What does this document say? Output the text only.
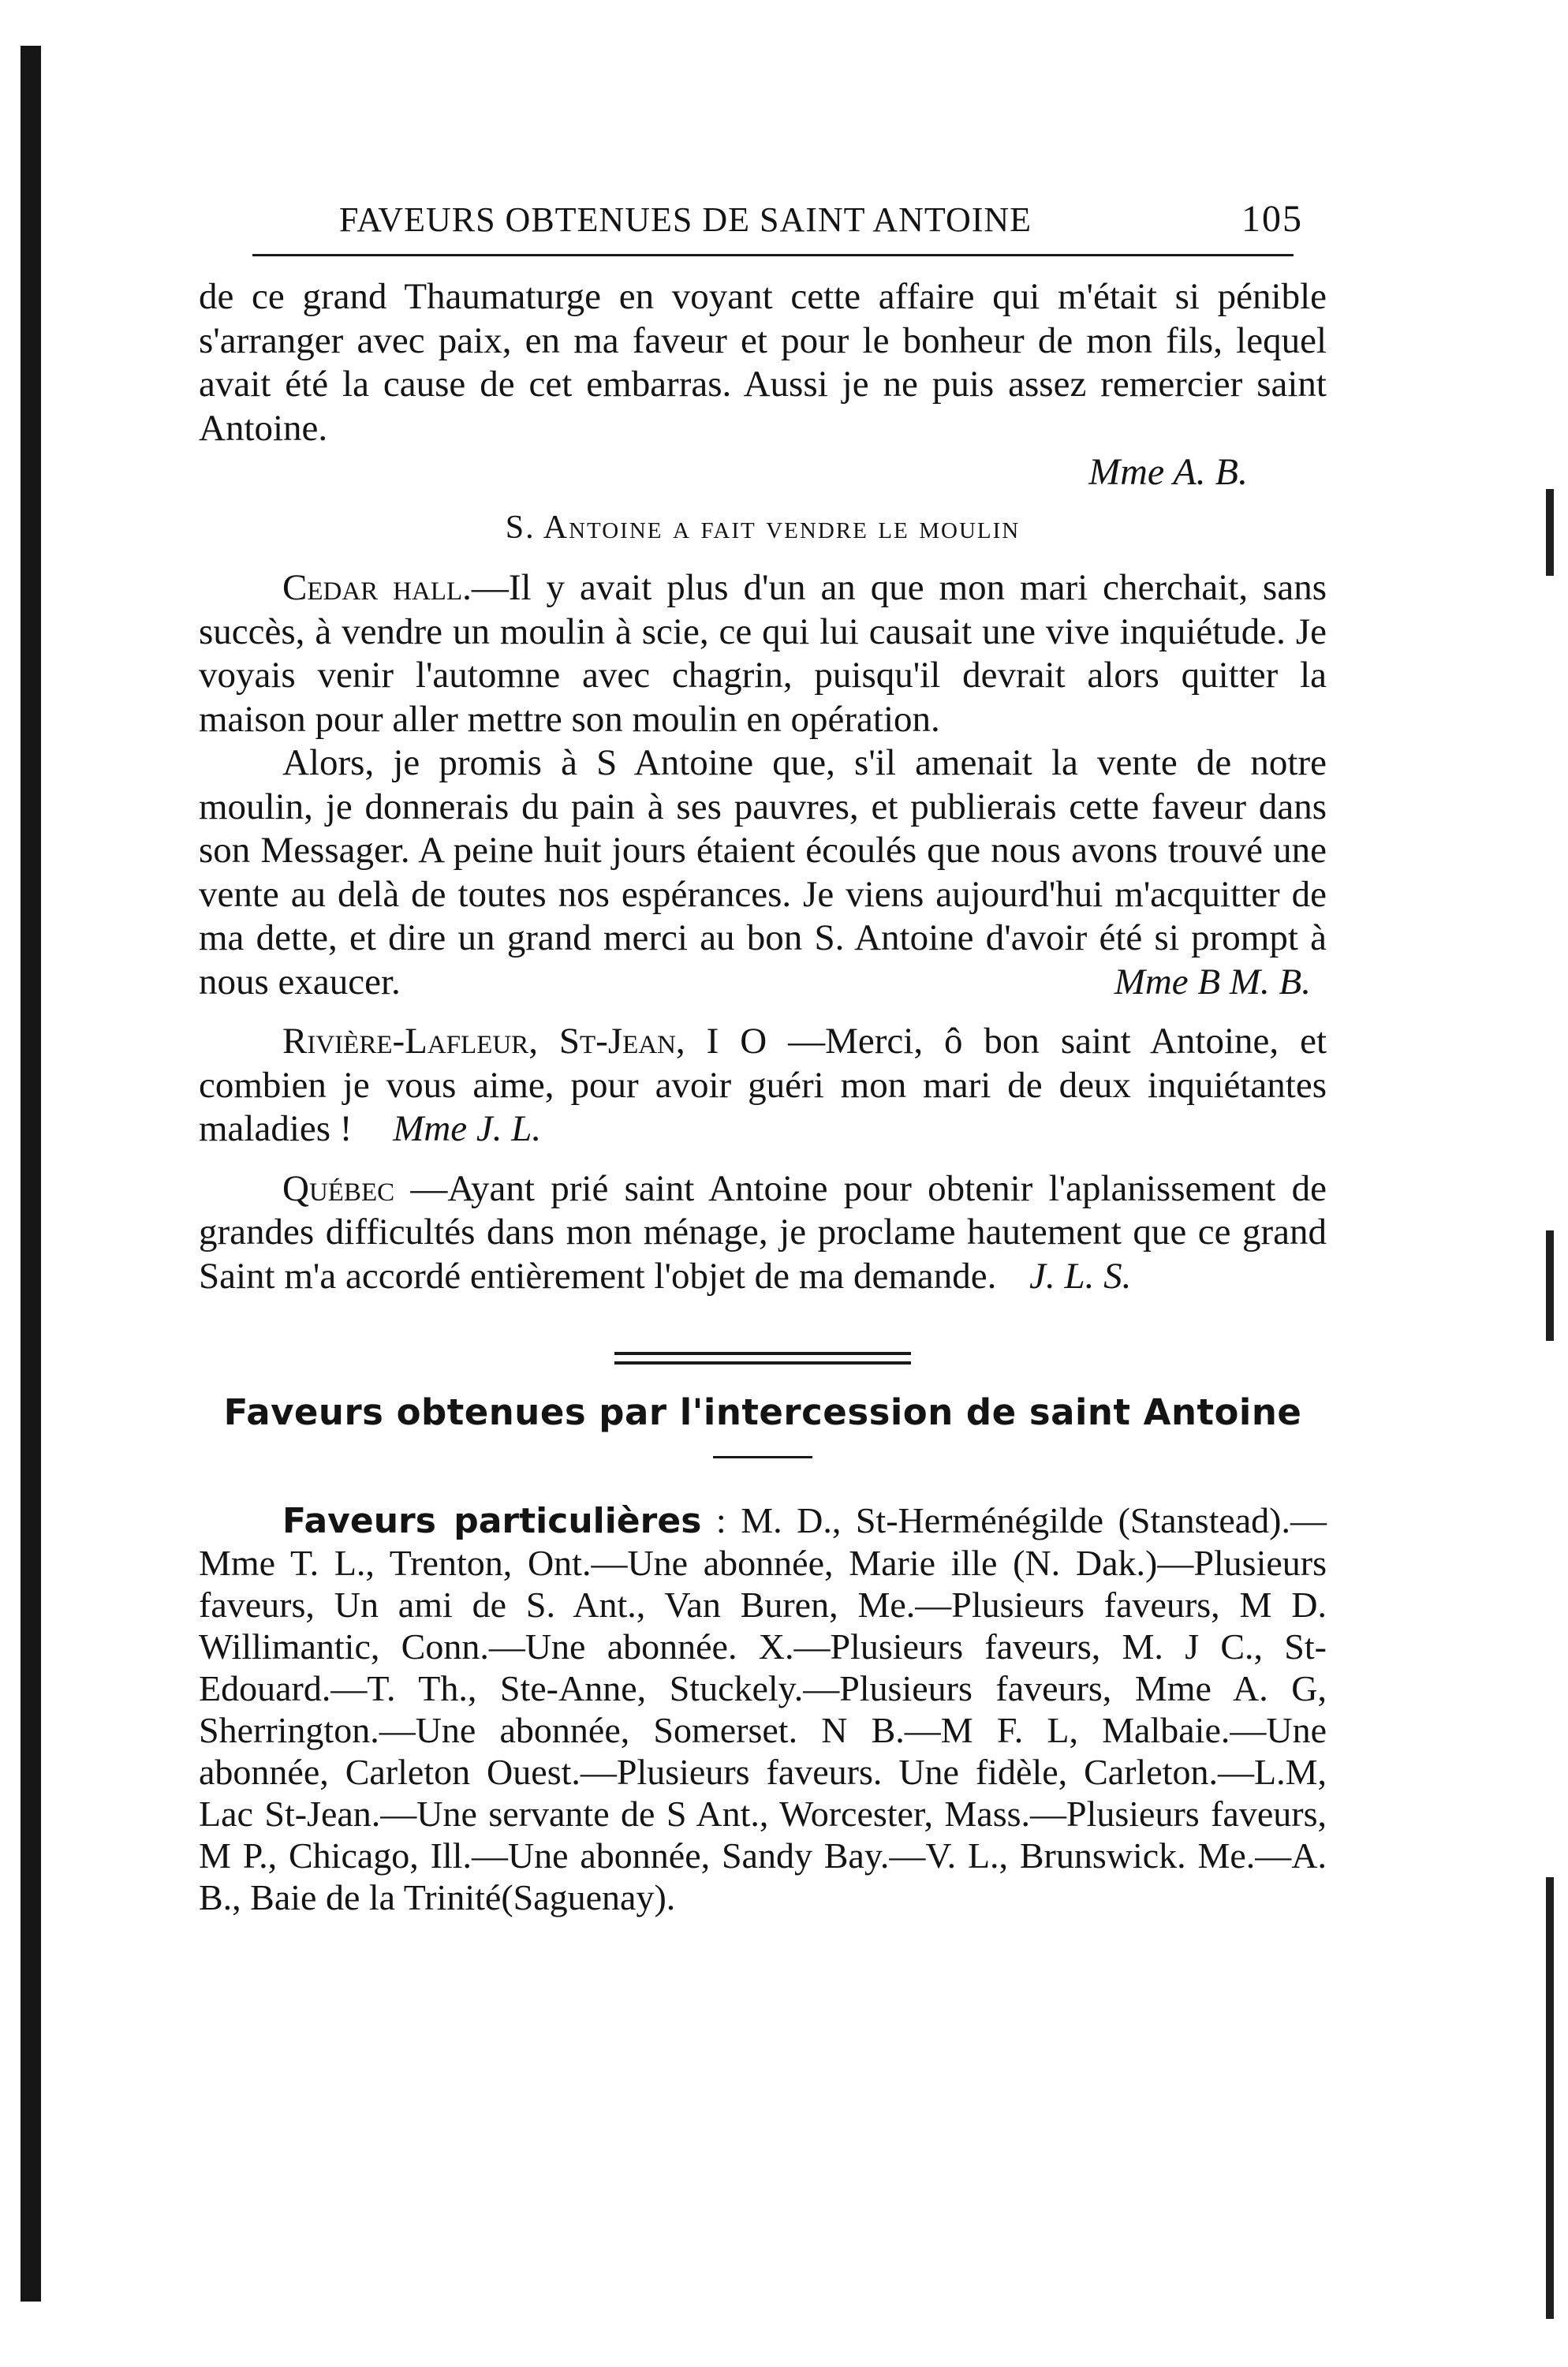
FAVEURS OBTENUES DE SAINT ANTOINE	105

de ce grand Thaumaturge en voyant cette affaire qui m'était si pénible s'arranger avec paix, en ma faveur et pour le bonheur de mon fils, lequel avait été la cause de cet embarras. Aussi je ne puis assez remercier saint Antoine.

Mme A. B.
S. Antoine a fait vendre le moulin

Cedar hall.—Il y avait plus d'un an que mon mari cherchait, sans succès, à vendre un moulin à scie, ce qui lui causait une vive inquiétude. Je voyais venir l'automne avec chagrin, puisqu'il devrait alors quitter la maison pour aller mettre son moulin en opération.

Alors, je promis à S Antoine que, s'il amenait la vente de notre moulin, je donnerais du pain à ses pauvres, et publierais cette faveur dans son Messager. A peine huit jours étaient écoulés que nous avons trouvé une vente au delà de toutes nos espérances. Je viens aujourd'hui m'acquitter de ma dette, et dire un grand merci au bon S. Antoine d'avoir été si prompt à nous exaucer.	Mme B M. B.

Rivière-Lafleur, St-Jean, I O —Merci, ô bon saint Antoine, et combien je vous aime, pour avoir guéri mon mari de deux inquiétantes maladies ! Mme J. L.

Québec —Ayant prié saint Antoine pour obtenir l'aplanissement de grandes difficultés dans mon ménage, je proclame hautement que ce grand Saint m'a accordé entièrement l'objet de ma demande. J. L. S.

Faveurs obtenues par l'intercession de saint Antoine

Faveurs particulières : M. D., St-Herménégilde (Stanstead).—Mme T. L., Trenton, Ont.—Une abonnée, Marie ille (N. Dak.)—Plusieurs faveurs, Un ami de S. Ant., Van Buren, Me.—Plusieurs faveurs, M D. Willimantic, Conn.—Une abonnée. X.—Plusieurs faveurs, M. J C., St-Edouard.—T. Th., Ste-Anne, Stuckely.—Plusieurs faveurs, Mme A. G, Sherrington.—Une abonnée, Somerset. N B.—M F. L, Malbaie.—Une abonnée, Carleton Ouest.—Plusieurs faveurs. Une fidèle, Carleton.—L.M, Lac St-Jean.—Une servante de S Ant., Worcester, Mass.—Plusieurs faveurs, M P., Chicago, Ill.—Une abonnée, Sandy Bay.—V. L., Brunswick. Me.—A. B., Baie de la Trinité(Saguenay).
